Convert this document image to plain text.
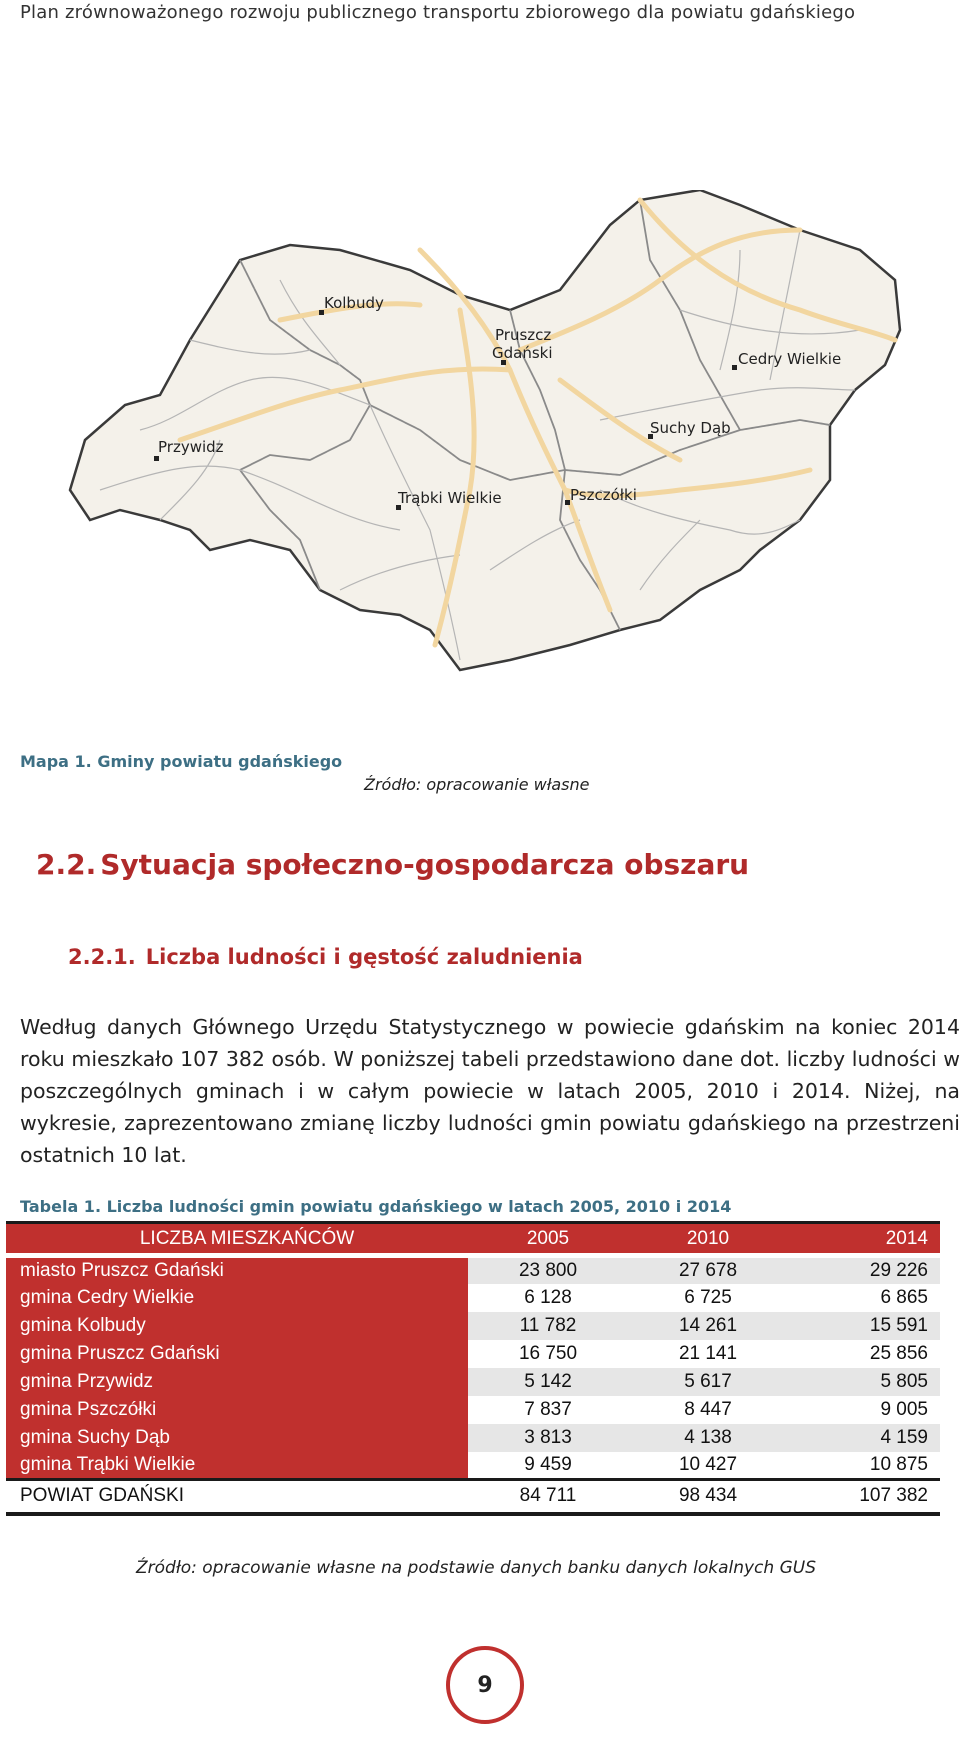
Plan zrównoważonego rozwoju publicznego transportu zbiorowego dla powiatu gdańskiego
Kolbudy
Pruszcz
Gdański	Cedry Wielkie
Suchy Dąb
Przywidz
Trąbki Wielkie	Pszczółki
Mapa 1. Gminy powiatu gdańskiego
Źródło: opracowanie własne
2.2. Sytuacja społeczno-gospodarcza obszaru
2.2.1. Liczba ludności i gęstość zaludnienia
Według danych Głównego Urzędu Statystycznego w powiecie gdańskim na koniec 2014 roku mieszkało 107 382 osób. W poniższej tabeli przedstawiono dane dot. liczby ludności w poszczególnych gminach i w całym powiecie w latach 2005, 2010 i 2014. Niżej, na wykresie, zaprezentowano zmianę liczby ludności gmin powiatu gdańskiego na przestrzeni ostatnich 10 lat.
Tabela 1. Liczba ludności gmin powiatu gdańskiego w latach 2005, 2010 i 2014
LICZBA MIESZKAŃCÓW	2005	2010	2014
miasto Pruszcz Gdański	23 800	27 678	29 226
gmina Cedry Wielkie	6 128	6 725	6 865
gmina Kolbudy	11 782	14 261	15 591
gmina Pruszcz Gdański	16 750	21 141	25 856
gmina Przywidz	5 142	5 617	5 805
gmina Pszczółki	7 837	8 447	9 005
gmina Suchy Dąb	3 813	4 138	4 159
gmina Trąbki Wielkie	9 459	10 427	10 875
POWIAT GDAŃSKI	84 711	98 434	107 382
Źródło: opracowanie własne na podstawie danych banku danych lokalnych GUS
9
